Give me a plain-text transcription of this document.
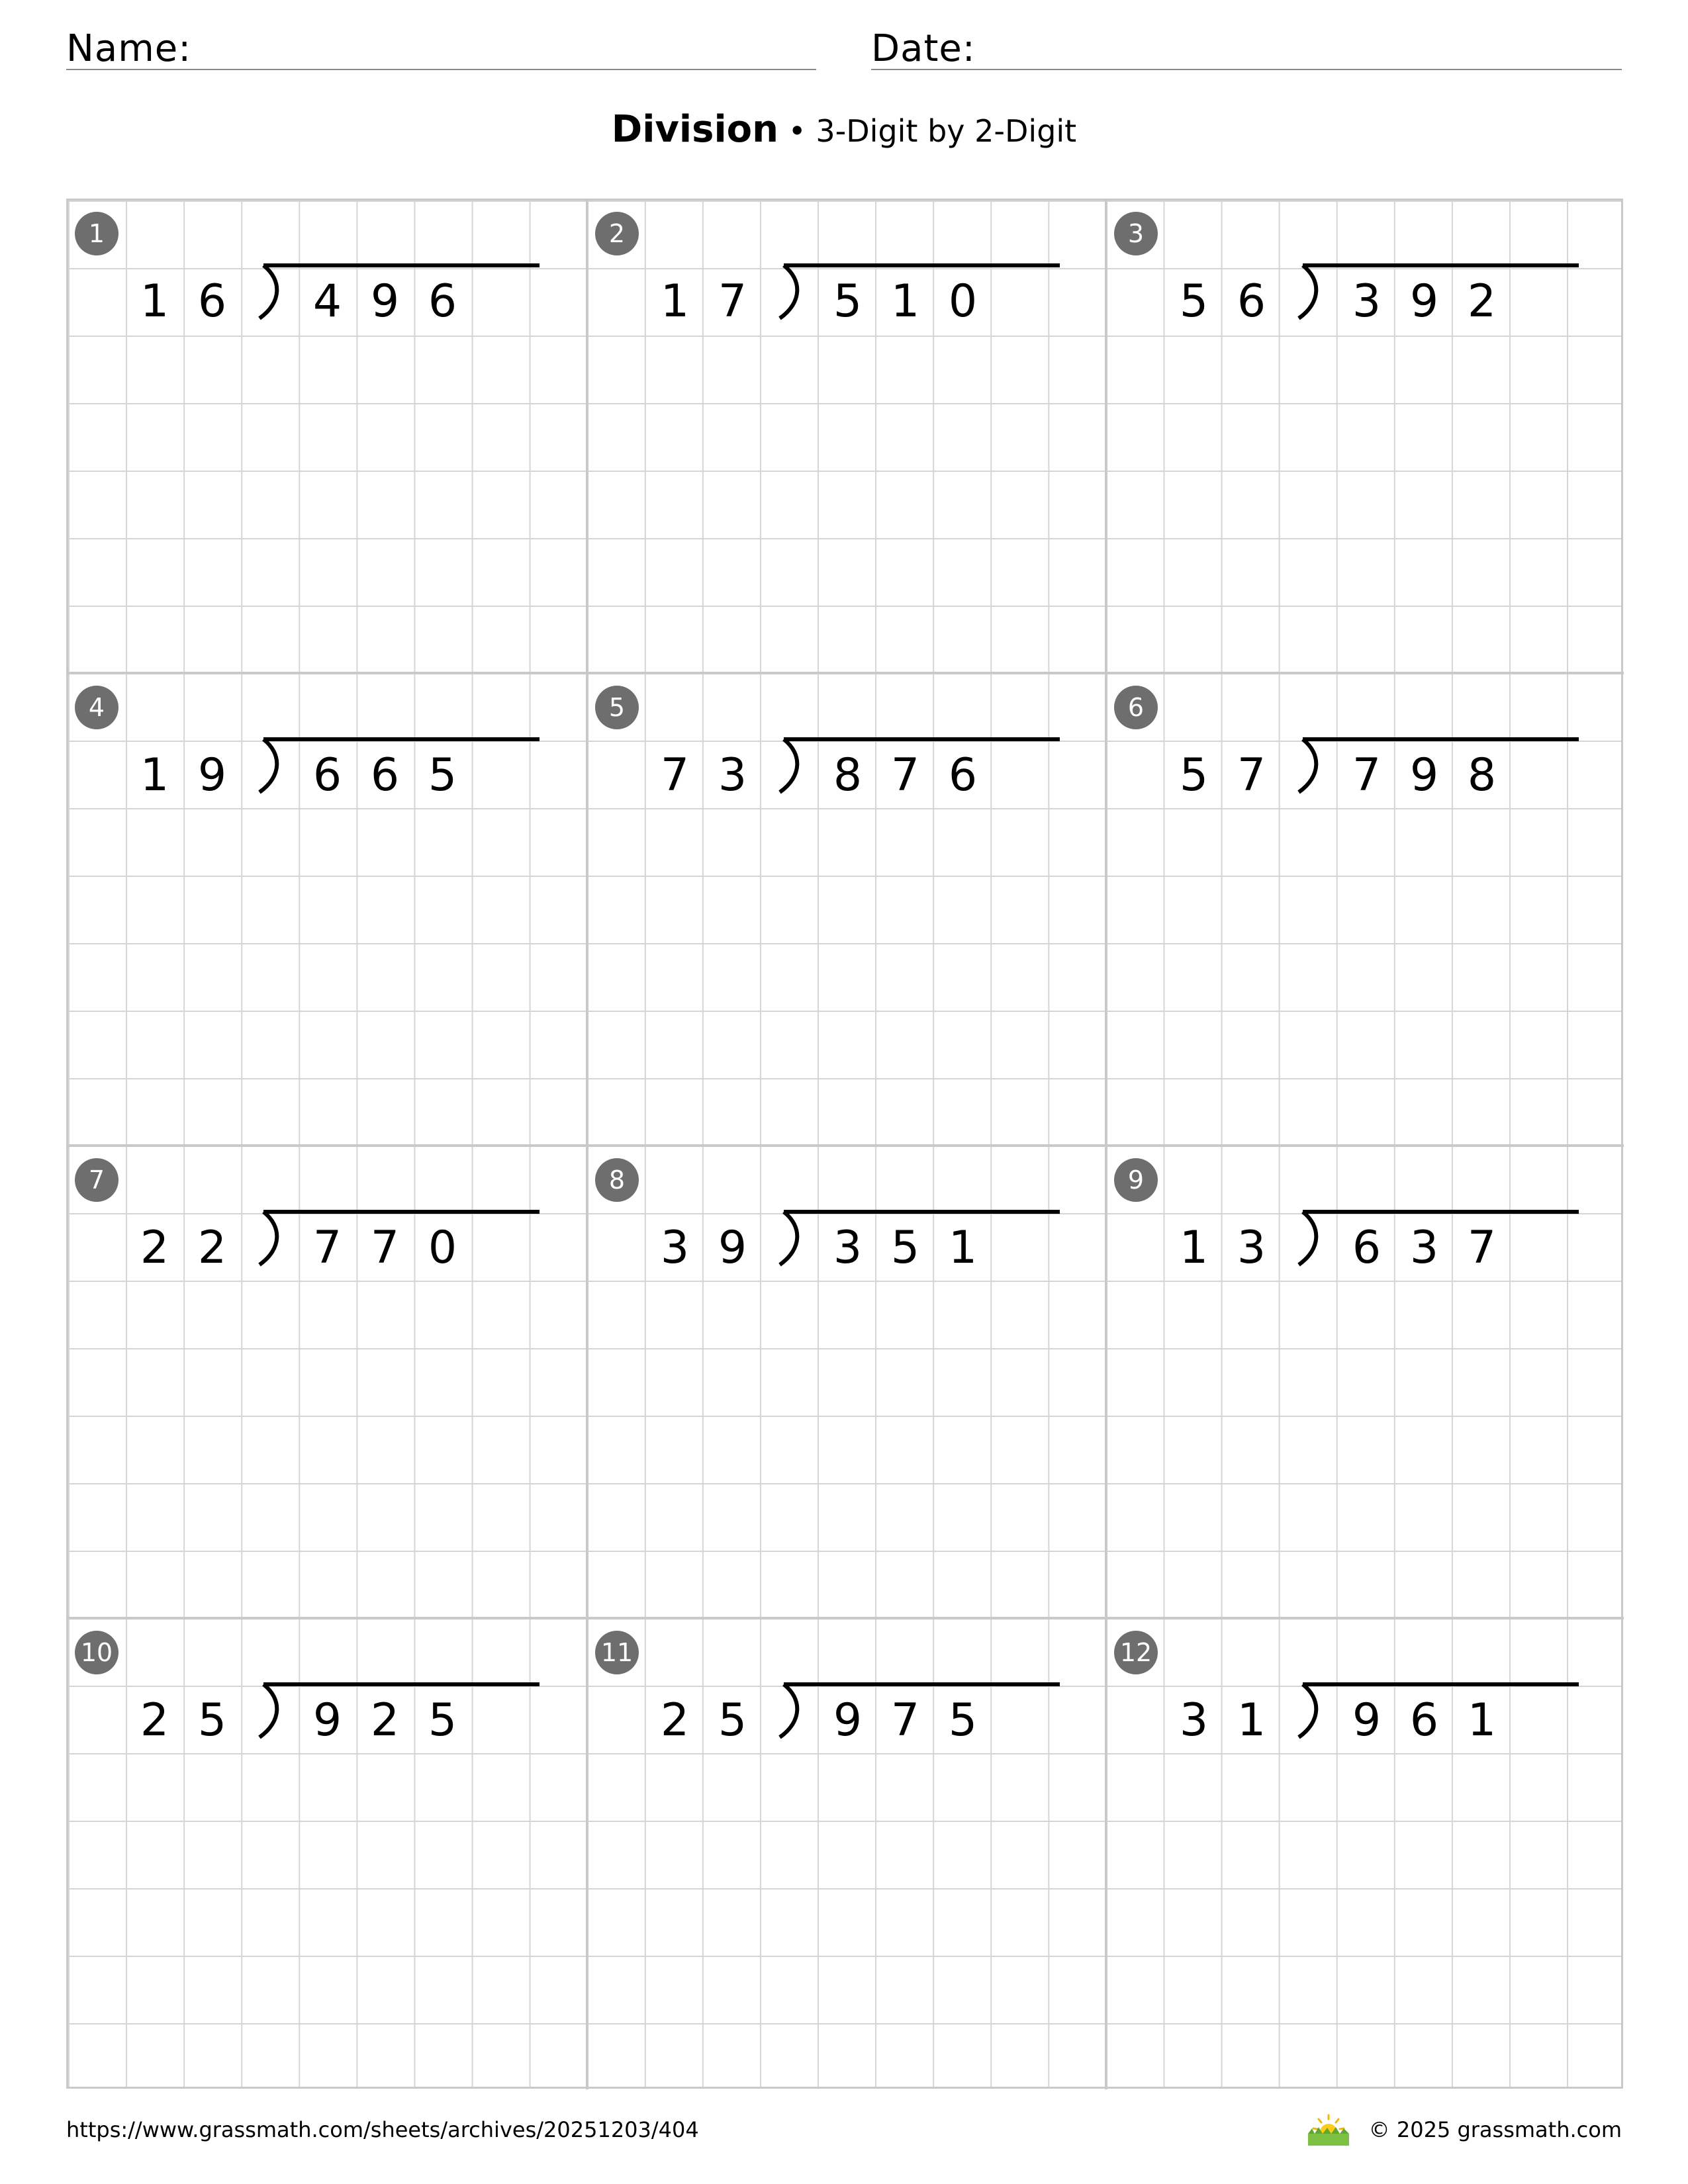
Name:	Date:
Division • 3-Digit by 2-Digit
1
1 6	4 9 6
2
1 7	5 1 0
3
5 6	3 9 2
4
1 9	6 6 5
5
7 3	8 7 6
6
5 7	7 9 8
7
2 2	7 7 0
8
3 9	3 5 1
9
1 3	6 3 7
10
2 5	9 2 5
11
2 5	9 7 5
12
3 1	9 6 1
https://www.grassmath.com/sheets/archives/20251203/404	© 2025 grassmath.com
